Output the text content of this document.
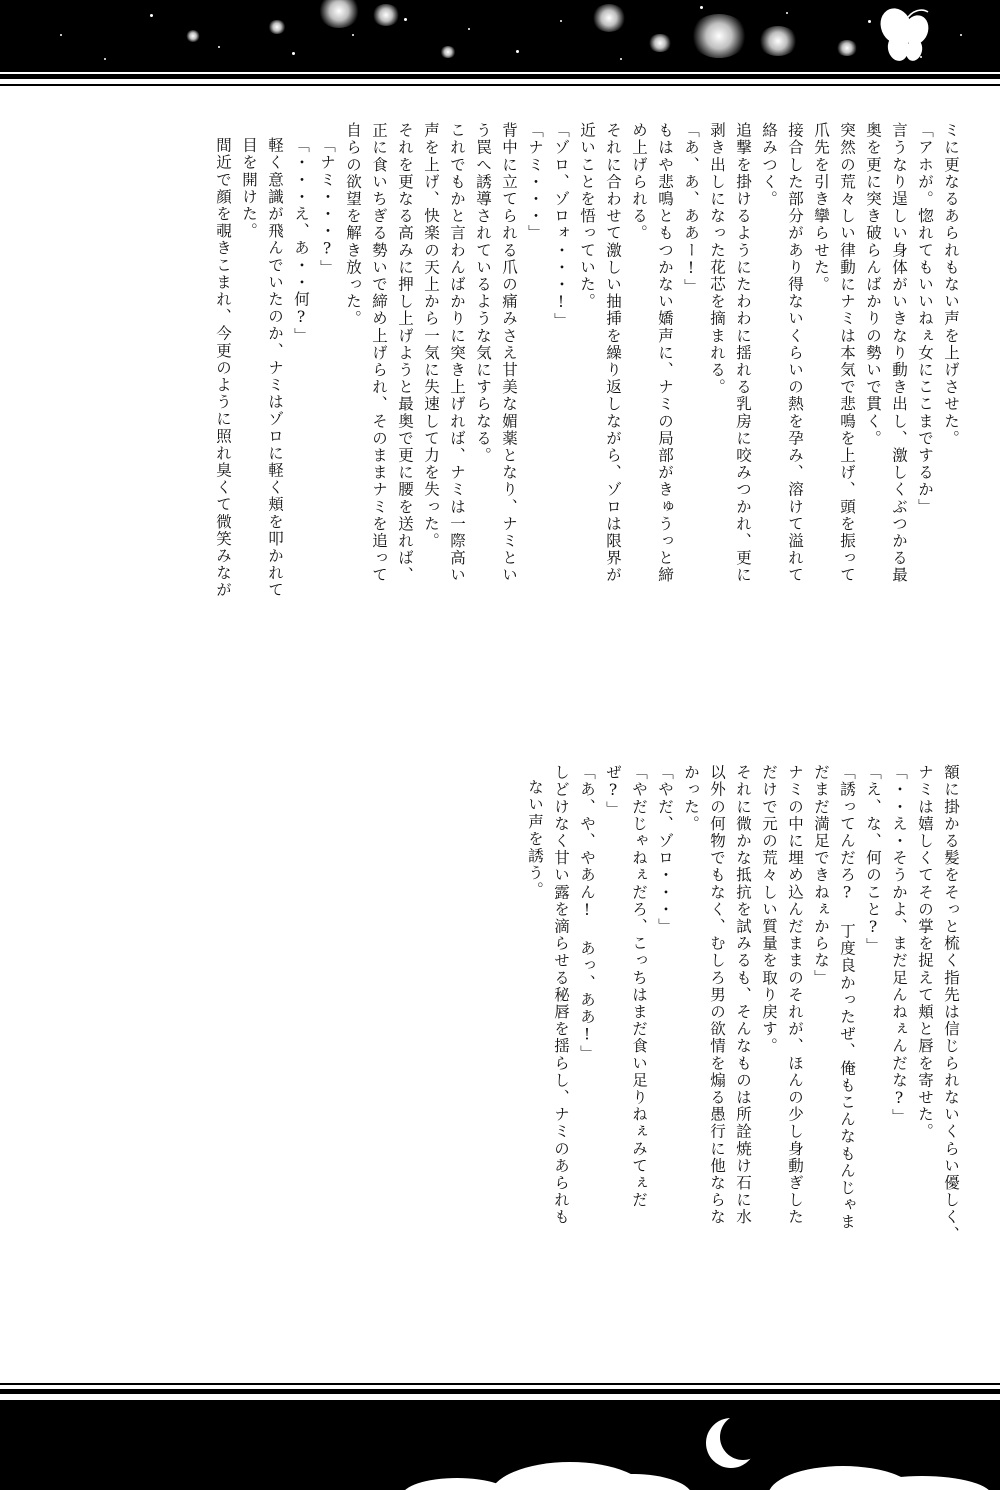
ミに更なるあられもない声を上げさせた。
「アホが。惚れてもいいねぇ女にここまでするか」
言うなり逞しい身体がいきなり動き出し、激しくぶつかる最
奥を更に突き破らんばかりの勢いで貫く。
突然の荒々しい律動にナミは本気で悲鳴を上げ、頭を振って
爪先を引き攣らせた。
接合した部分があり得ないくらいの熱を孕み、溶けて溢れて
絡みつく。
追撃を掛けるようにたわわに揺れる乳房に咬みつかれ、更に
剥き出しになった花芯を摘まれる。
「あ、あ、ああー!」
もはや悲鳴ともつかない嬌声に、ナミの局部がきゅうっと締
め上げられる。
それに合わせて激しい抽挿を繰り返しながら、ゾロは限界が
近いことを悟っていた。
「ゾロ、ゾロォ・・・!」
「ナミ・・・」
背中に立てられる爪の痛みさえ甘美な媚薬となり、ナミとい
う罠へ誘導されているような気にすらなる。
これでもかと言わんばかりに突き上げれば、ナミは一際高い
声を上げ、快楽の天上から一気に失速して力を失った。
それを更なる高みに押し上げようと最奥で更に腰を送れば、
正に食いちぎる勢いで締め上げられ、そのままナミを追って
自らの欲望を解き放った。
「ナミ・・・?」
「・・・え、あ・・何?」
軽く意識が飛んでいたのか、ナミはゾロに軽く頬を叩かれて
目を開けた。
間近で顔を覗きこまれ、今更のように照れ臭くて微笑みなが
額に掛かる髪をそっと梳く指先は信じられないくらい優しく、
ナミは嬉しくてその掌を捉えて頬と唇を寄せた。
「・・え・そうかよ、まだ足んねぇんだな?」
「え、な、何のこと?」
「誘ってんだろ? 丁度良かったぜ、俺もこんなもんじゃま
だまだ満足できねぇからな」
ナミの中に埋め込んだままのそれが、ほんの少し身動ぎした
だけで元の荒々しい質量を取り戻す。
それに微かな抵抗を試みるも、そんなものは所詮焼け石に水
以外の何物でもなく、むしろ男の欲情を煽る愚行に他ならな
かった。
「やだ、ゾロ・・・」
「やだじゃねぇだろ、こっちはまだ食い足りねぇみてぇだ
ぜ?」
「あ、や、やあん! あっ、ああ!」
しどけなく甘い露を滴らせる秘唇を揺らし、ナミのあられも
ない声を誘う。
